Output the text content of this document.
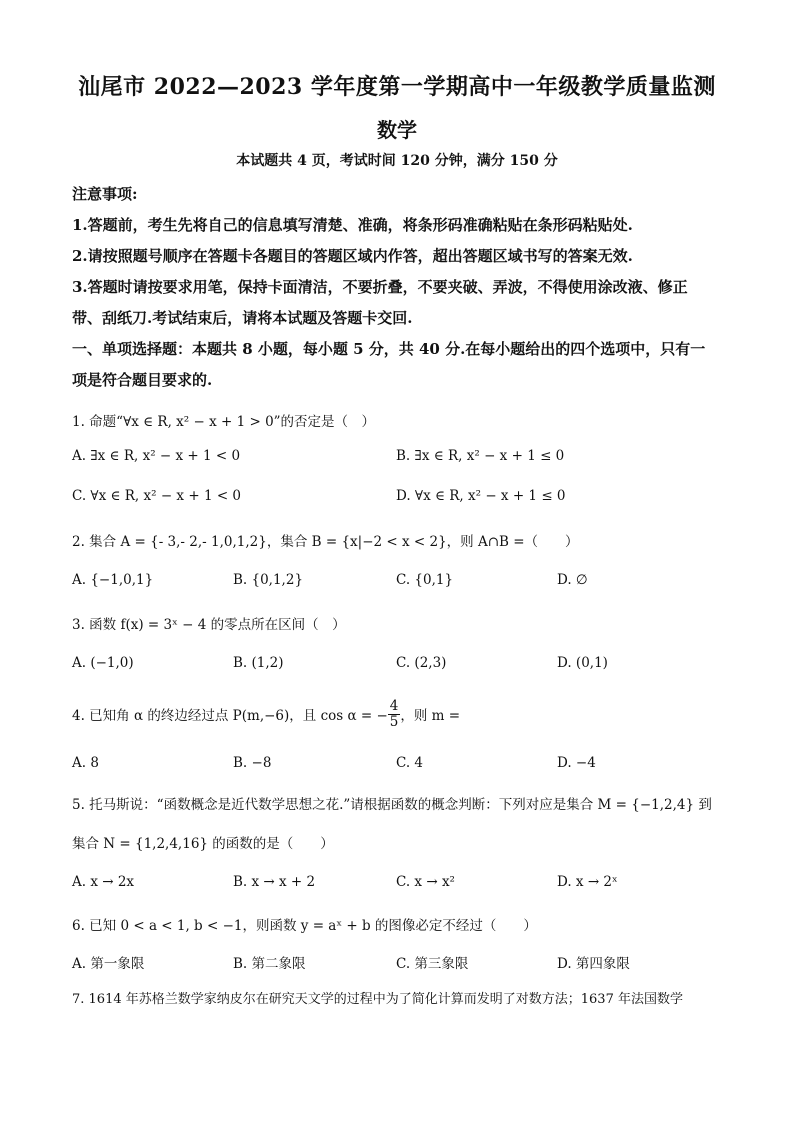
汕尾市 2022—2023 学年度第一学期高中一年级教学质量监测
数学
本试题共 4 页，考试时间 120 分钟，满分 150 分
注意事项:
1.答题前，考生先将自己的信息填写清楚、准确，将条形码准确粘贴在条形码粘贴处.
2.请按照题号顺序在答题卡各题目的答题区域内作答，超出答题区域书写的答案无效.
3.答题时请按要求用笔，保持卡面清洁，不要折叠，不要夹破、弄波，不得使用涂改液、修正
带、刮纸刀.考试结束后，请将本试题及答题卡交回.
一、单项选择题：本题共 8 小题，每小题 5 分，共 40 分.在每小题给出的四个选项中，只有一
项是符合题目要求的.
1. 命题“∀x ∈ R, x² − x + 1 > 0”的否定是（　）
A. ∃x ∈ R, x² − x + 1 < 0	B. ∃x ∈ R, x² − x + 1 ≤ 0
C. ∀x ∈ R, x² − x + 1 < 0	D. ∀x ∈ R, x² − x + 1 ≤ 0
2. 集合 A = {- 3,- 2,- 1,0,1,2}，集合 B = {x|−2 < x < 2}，则 A∩B =（　　）
A. {−1,0,1}	B. {0,1,2}	C. {0,1}	D. ∅
3. 函数 f(x) = 3ˣ − 4 的零点所在区间（　）
A. (−1,0)	B. (1,2)	C. (2,3)	D. (0,1)
4. 已知角 α 的终边经过点 P(m,−6)，且 cos α = − $\frac{4}{5}$ ，则 m =
A. 8	B. −8	C. 4	D. −4
5. 托马斯说：“函数概念是近代数学思想之花.”请根据函数的概念判断：下列对应是集合 M = {−1,2,4} 到
集合 N = {1,2,4,16} 的函数的是（　　）
A. x → 2x	B. x → x + 2	C. x → x²	D. x → 2ˣ
6. 已知 0 < a < 1, b < −1，则函数 y = aˣ + b 的图像必定不经过（　　）
A. 第一象限	B. 第二象限	C. 第三象限	D. 第四象限
7. 1614 年苏格兰数学家纳皮尔在研究天文学的过程中为了简化计算而发明了对数方法；1637 年法国数学
